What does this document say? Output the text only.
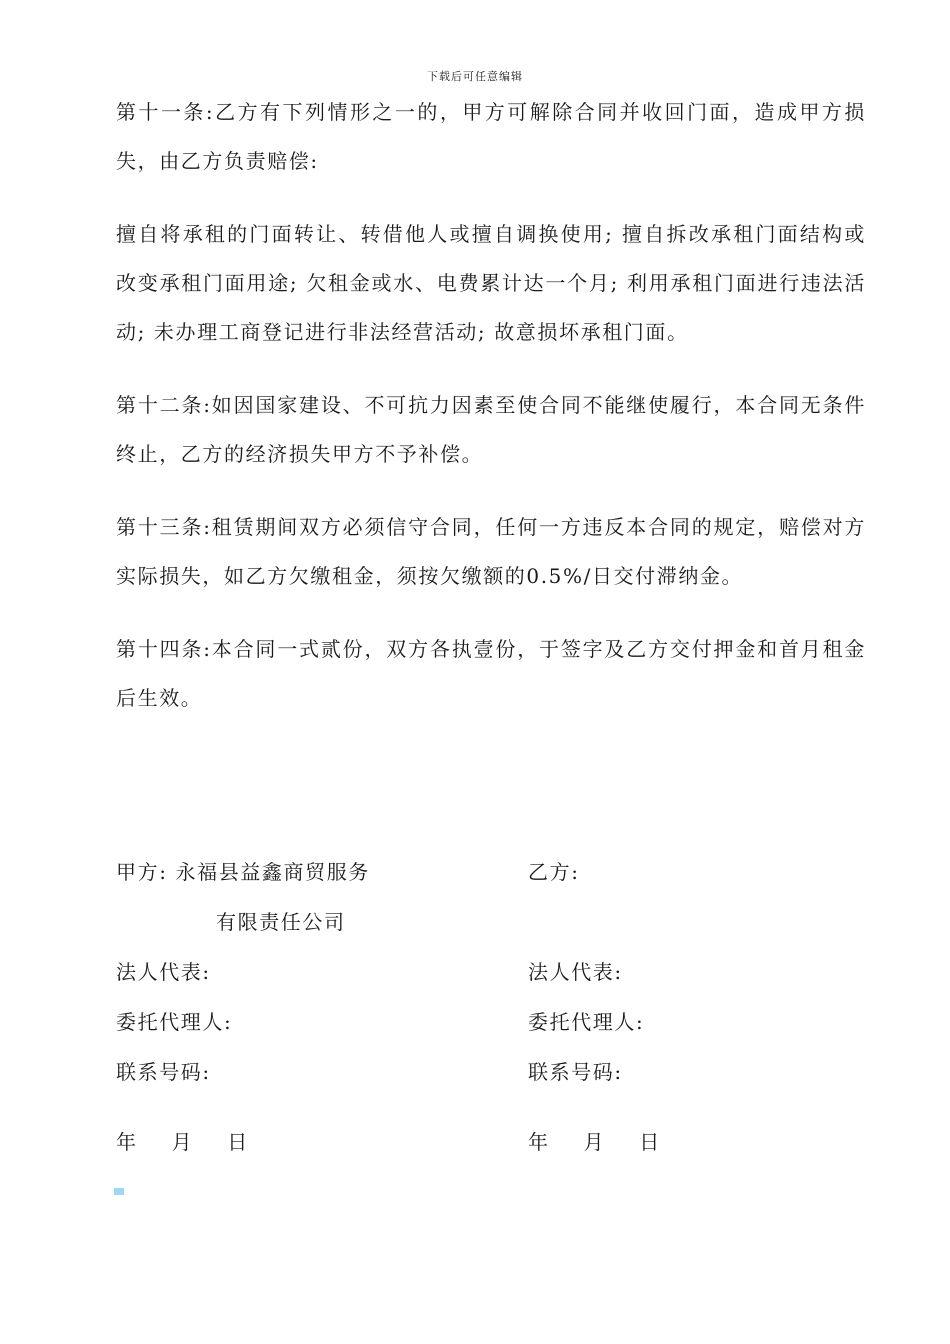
下载后可任意编辑

第十一条:乙方有下列情形之一的，甲方可解除合同并收回门面，造成甲方损失，由乙方负责赔偿:

擅自将承租的门面转让、转借他人或擅自调换使用; 擅自拆改承租门面结构或改变承租门面用途; 欠租金或水、电费累计达一个月; 利用承租门面进行违法活动; 未办理工商登记进行非法经营活动; 故意损坏承租门面。

第十二条:如因国家建设、不可抗力因素至使合同不能继使履行，本合同无条件终止，乙方的经济损失甲方不予补偿。

第十三条:租赁期间双方必须信守合同，任何一方违反本合同的规定，赔偿对方实际损失，如乙方欠缴租金，须按欠缴额的0.5%/日交付滞纳金。

第十四条:本合同一式贰份，双方各执壹份，于签字及乙方交付押金和首月租金后生效。

甲方: 永福县益鑫商贸服务	乙方:
有限责任公司
法人代表:	法人代表:
委托代理人:	委托代理人:
联系号码:	联系号码:
年 月 日	年 月 日
